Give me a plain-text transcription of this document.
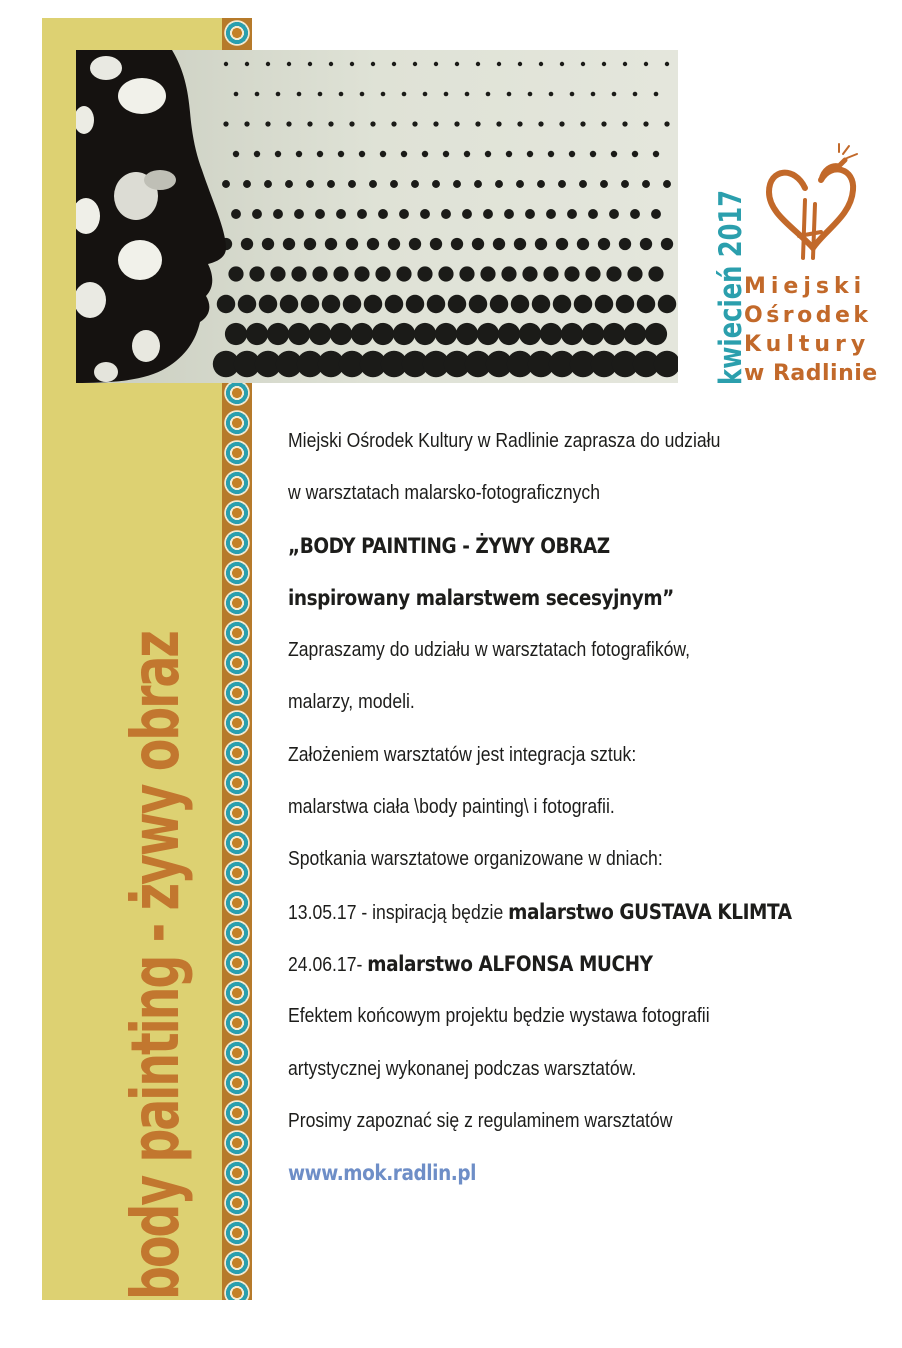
body painting - żywy obraz
kwiecień 2017
Miejski
Ośrodek
Kultury
w Radlinie
Miejski Ośrodek Kultury w Radlinie zaprasza do udziału
w warsztatach malarsko-fotograficznych
„BODY PAINTING - ŻYWY OBRAZ
inspirowany malarstwem secesyjnym”
Zapraszamy do udziału w warsztatach fotografików,
malarzy, modeli.
Założeniem warsztatów jest integracja sztuk:
malarstwa ciała \body painting\ i fotografii.
Spotkania warsztatowe organizowane w dniach:
13.05.17 - inspiracją będzie malarstwo GUSTAVA KLIMTA
24.06.17- malarstwo ALFONSA MUCHY
Efektem końcowym projektu będzie wystawa fotografii
artystycznej wykonanej podczas warsztatów.
Prosimy zapoznać się z regulaminem warsztatów
www.mok.radlin.pl
